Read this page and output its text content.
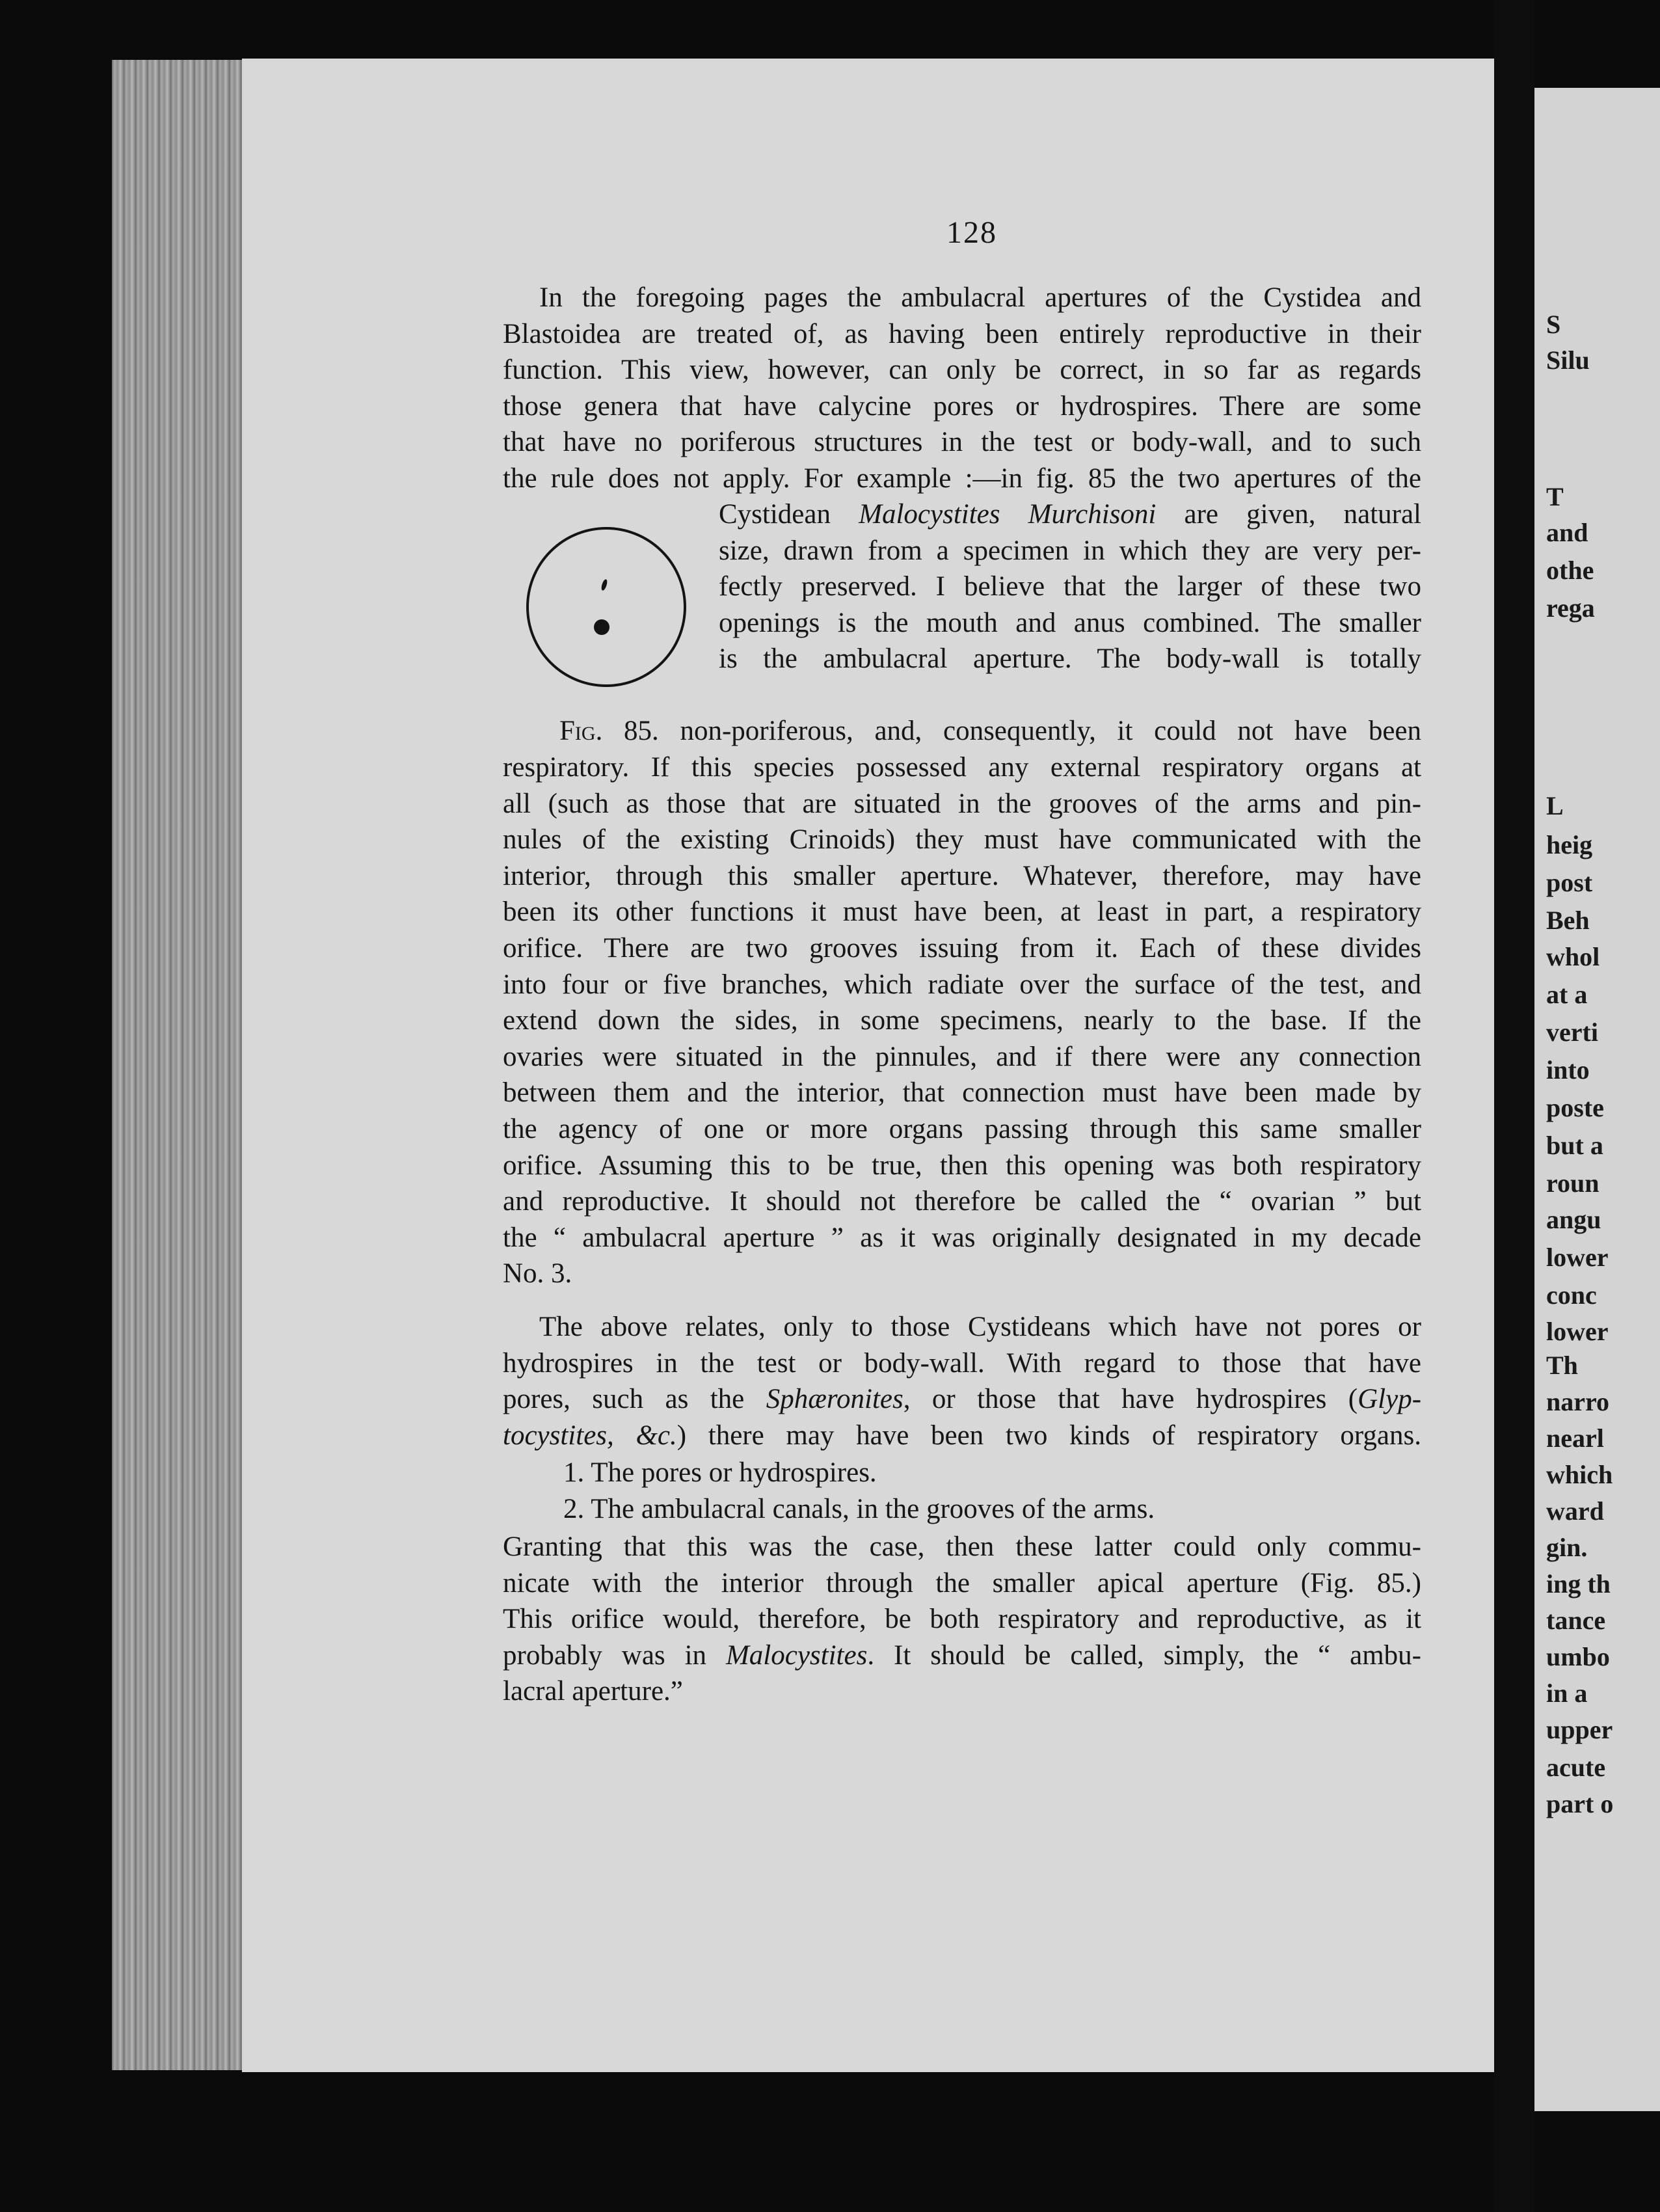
S
Silu
T
and
othe
rega
L
heig
post
Beh
whol
at a
verti
into
poste
but a
roun
angu
lower
conc
lower
Th
narro
nearl
which
ward
gin.
ing th
tance
umbo
in a
upper
acute
part o
128
In the foregoing pages the ambulacral apertures of the Cystidea and
Blastoidea are treated of, as having been entirely reproductive in their
function. This view, however, can only be correct, in so far as regards
those genera that have calycine pores or hydrospires. There are some
that have no poriferous structures in the test or body-wall, and to such
the rule does not apply. For example :—in fig. 85 the two apertures of the
Cystidean Malocystites Murchisoni are given, natural
size, drawn from a specimen in which they are very per-
fectly preserved. I believe that the larger of these two
openings is the mouth and anus combined. The smaller
is the ambulacral aperture. The body-wall is totally
Fig. 85. non-poriferous, and, consequently, it could not have been
respiratory. If this species possessed any external respiratory organs at
all (such as those that are situated in the grooves of the arms and pin-
nules of the existing Crinoids) they must have communicated with the
interior, through this smaller aperture. Whatever, therefore, may have
been its other functions it must have been, at least in part, a respiratory
orifice. There are two grooves issuing from it. Each of these divides
into four or five branches, which radiate over the surface of the test, and
extend down the sides, in some specimens, nearly to the base. If the
ovaries were situated in the pinnules, and if there were any connection
between them and the interior, that connection must have been made by
the agency of one or more organs passing through this same smaller
orifice. Assuming this to be true, then this opening was both respiratory
and reproductive. It should not therefore be called the “ ovarian ” but
the “ ambulacral aperture ” as it was originally designated in my decade
No. 3.
The above relates, only to those Cystideans which have not pores or
hydrospires in the test or body-wall. With regard to those that have
pores, such as the Sphæronites, or those that have hydrospires (Glyp-
tocystites, &c.) there may have been two kinds of respiratory organs.
1. The pores or hydrospires.
2. The ambulacral canals, in the grooves of the arms.
Granting that this was the case, then these latter could only commu-
nicate with the interior through the smaller apical aperture (Fig. 85.)
This orifice would, therefore, be both respiratory and reproductive, as it
probably was in Malocystites. It should be called, simply, the “ ambu-
lacral aperture.”
